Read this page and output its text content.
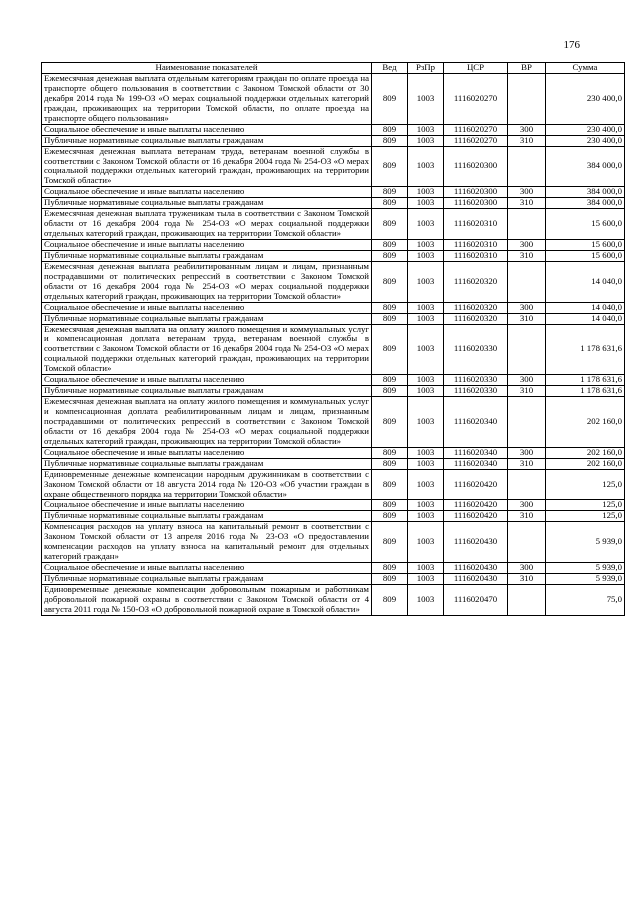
176
Наименование показателей	Вед	РзПр	ЦСР	ВР	Сумма
Ежемесячная денежная выплата отдельным категориям граждан по оплате проезда на транспорте общего пользования в соответствии с Законом Томской области от 30 декабря 2014 года № 199-ОЗ «О мерах социальной поддержки отдельных категорий граждан, проживающих на территории Томской области, по оплате проезда на транспорте общего пользования»	809	1003	1116020270		230 400,0
Социальное обеспечение и иные выплаты населению	809	1003	1116020270	300	230 400,0
Публичные нормативные социальные выплаты гражданам	809	1003	1116020270	310	230 400,0
Ежемесячная денежная выплата ветеранам труда, ветеранам военной службы в соответствии с Законом Томской области от 16 декабря 2004 года № 254-ОЗ «О мерах социальной поддержки отдельных категорий граждан, проживающих на территории Томской области»	809	1003	1116020300		384 000,0
Социальное обеспечение и иные выплаты населению	809	1003	1116020300	300	384 000,0
Публичные нормативные социальные выплаты гражданам	809	1003	1116020300	310	384 000,0
Ежемесячная денежная выплата труженикам тыла в соответствии с Законом Томской области от 16 декабря 2004 года № 254-ОЗ «О мерах социальной поддержки отдельных категорий граждан, проживающих на территории Томской области»	809	1003	1116020310		15 600,0
Социальное обеспечение и иные выплаты населению	809	1003	1116020310	300	15 600,0
Публичные нормативные социальные выплаты гражданам	809	1003	1116020310	310	15 600,0
Ежемесячная денежная выплата реабилитированным лицам и лицам, признанным пострадавшими от политических репрессий в соответствии с Законом Томской области от 16 декабря 2004 года № 254-ОЗ «О мерах социальной поддержки отдельных категорий граждан, проживающих на территории Томской области»	809	1003	1116020320		14 040,0
Социальное обеспечение и иные выплаты населению	809	1003	1116020320	300	14 040,0
Публичные нормативные социальные выплаты гражданам	809	1003	1116020320	310	14 040,0
Ежемесячная денежная выплата на оплату жилого помещения и коммунальных услуг и компенсационная доплата ветеранам труда, ветеранам военной службы в соответствии с Законом Томской области от 16 декабря 2004 года № 254-ОЗ «О мерах социальной поддержки отдельных категорий граждан, проживающих на территории Томской области»	809	1003	1116020330		1 178 631,6
Социальное обеспечение и иные выплаты населению	809	1003	1116020330	300	1 178 631,6
Публичные нормативные социальные выплаты гражданам	809	1003	1116020330	310	1 178 631,6
Ежемесячная денежная выплата на оплату жилого помещения и коммунальных услуг и компенсационная доплата реабилитированным лицам и лицам, признанным пострадавшими от политических репрессий в соответствии с Законом Томской области от 16 декабря 2004 года № 254-ОЗ «О мерах социальной поддержки отдельных категорий граждан, проживающих на территории Томской области»	809	1003	1116020340		202 160,0
Социальное обеспечение и иные выплаты населению	809	1003	1116020340	300	202 160,0
Публичные нормативные социальные выплаты гражданам	809	1003	1116020340	310	202 160,0
Единовременные денежные компенсации народным дружинникам в соответствии с Законом Томской области от 18 августа 2014 года № 120-ОЗ «Об участии граждан в охране общественного порядка на территории Томской области»	809	1003	1116020420		125,0
Социальное обеспечение и иные выплаты населению	809	1003	1116020420	300	125,0
Публичные нормативные социальные выплаты гражданам	809	1003	1116020420	310	125,0
Компенсация расходов на уплату взноса на капитальный ремонт в соответствии с Законом Томской области от 13 апреля 2016 года № 23-ОЗ «О предоставлении компенсации расходов на уплату взноса на капитальный ремонт для отдельных категорий граждан»	809	1003	1116020430		5 939,0
Социальное обеспечение и иные выплаты населению	809	1003	1116020430	300	5 939,0
Публичные нормативные социальные выплаты гражданам	809	1003	1116020430	310	5 939,0
Единовременные денежные компенсации добровольным пожарным и работникам добровольной пожарной охраны в соответствии с Законом Томской области от 4 августа 2011 года № 150-ОЗ «О добровольной пожарной охране в Томской области»	809	1003	1116020470		75,0
